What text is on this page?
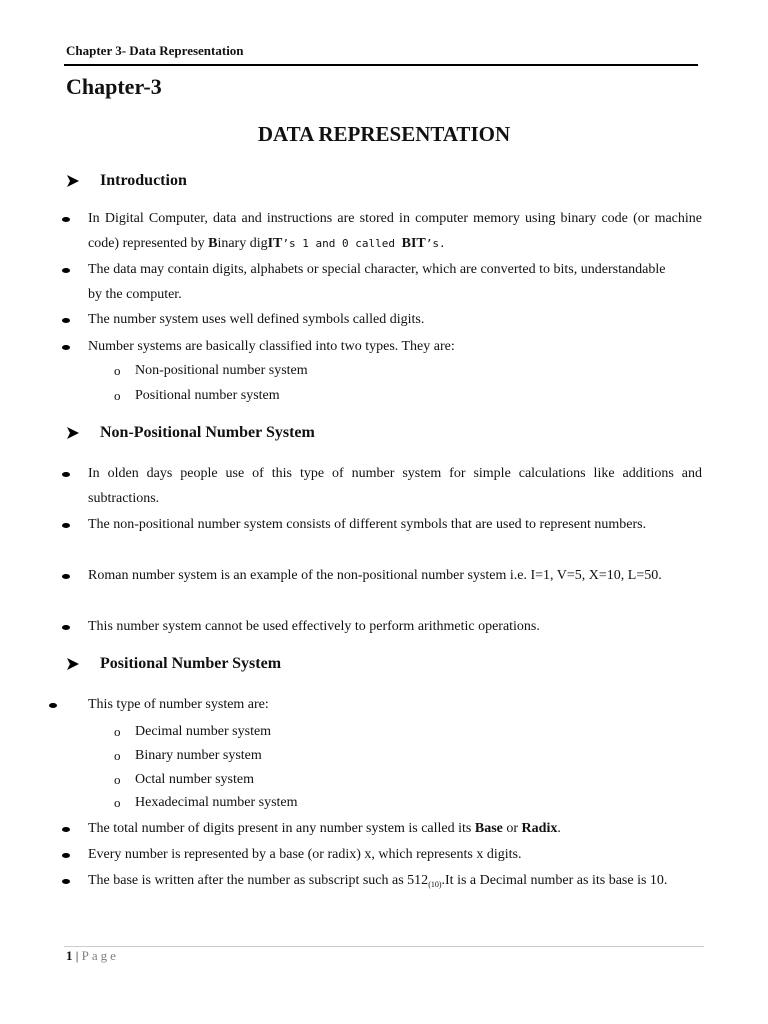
Chapter 3- Data Representation
Chapter-3
DATA REPRESENTATION
Introduction
In Digital Computer, data and instructions are stored in computer memory using binary code (or machine code) represented by Binary digIT’s 1 and 0 called BIT’s.
The data may contain digits, alphabets or special character, which are converted to bits, understandable by the computer.
The number system uses well defined symbols called digits.
Number systems are basically classified into two types. They are:
o Non-positional number system
o Positional number system
Non-Positional Number System
In olden days people use of this type of number system for simple calculations like additions and subtractions.
The non-positional number system consists of different symbols that are used to represent numbers.
Roman number system is an example of the non-positional number system i.e. I=1, V=5, X=10, L=50.
This number system cannot be used effectively to perform arithmetic operations.
Positional Number System
This type of number system are:
o Decimal number system
o Binary number system
o Octal number system
o Hexadecimal number system
The total number of digits present in any number system is called its Base or Radix.
Every number is represented by a base (or radix) x, which represents x digits.
The base is written after the number as subscript such as $512_{(10)}.It$ is a Decimal number as its base is 10.
1 | Page
